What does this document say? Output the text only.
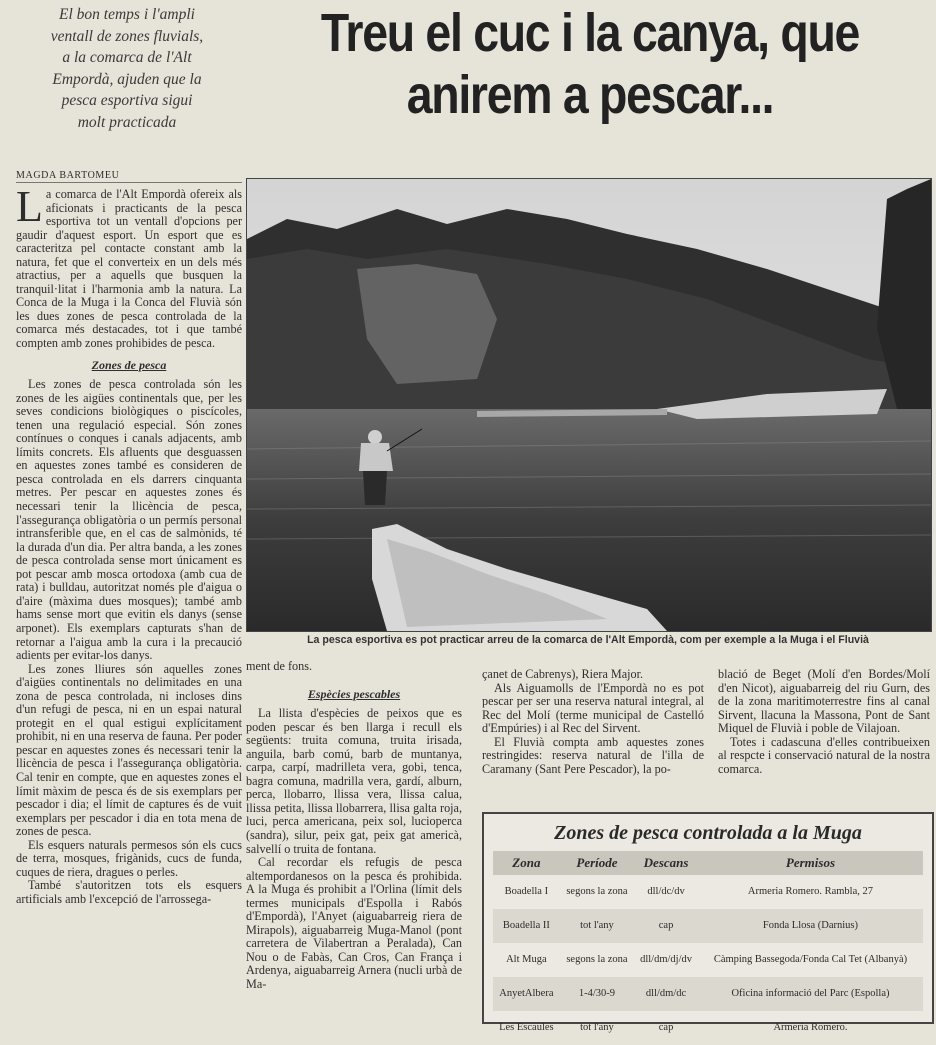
El bon temps i l'ampli
ventall de zones fluvials,
a la comarca de l'Alt
Empordà, ajuden que la
pesca esportiva sigui
molt practicada
Treu el cuc i la canya, que
anirem a pescar...
MAGDA BARTOMEU

La comarca de l'Alt Empordà ofereix als aficionats i practicants de la pesca esportiva tot un ventall d'opcions per gaudir d'aquest esport. Un esport que es caracteritza pel contacte constant amb la natura, fet que el converteix en un dels més atractius, per a aquells que busquen la tranquil·litat i l'harmonia amb la natura. La Conca de la Muga i la Conca del Fluvià són les dues zones de pesca controlada de la comarca més destacades, tot i que també compten amb zones prohibides de pesca.

Zones de pesca

Les zones de pesca controlada són les zones de les aigües continentals que, per les seves condicions biològiques o piscícoles, tenen una regulació especial. Són zones contínues o conques i canals adjacents, amb límits concrets. Els afluents que desguassen en aquestes zones també es consideren de pesca controlada en els darrers cinquanta metres. Per pescar en aquestes zones és necessari tenir la llicència de pesca, l'assegurança obligatòria o un permís personal intransferible que, en el cas de salmònids, té la durada d'un dia. Per altra banda, a les zones de pesca controlada sense mort únicament es pot pescar amb mosca ortodoxa (amb cua de rata) i bulldau, autoritzat només ple d'aigua o d'aire (màxima dues mosques); també amb hams sense mort que evitin els danys (sense arponet). Els exemplars capturats s'han de retornar a l'aigua amb la cura i la precaució adients per evitar-los danys.

Les zones lliures són aquelles zones d'aigües continentals no delimitades en una zona de pesca controlada, ni incloses dins d'un refugi de pesca, ni en un espai natural protegit en el qual estigui explícitament prohibit, ni en una reserva de fauna. Per poder pescar en aquestes zones és necessari tenir la llicència de pesca i l'assegurança obligatòria. Cal tenir en compte, que en aquestes zones el límit màxim de pesca és de sis exemplars per pescador i dia; el límit de captures és de vuit exemplars per pescador i dia en tota mena de zones de pesca.

Els esquers naturals permesos són els cucs de terra, mosques, frigànids, cucs de funda, cuques de riera, dragues o perles.

També s'autoritzen tots els esquers artificials amb l'excepció de l'arrossega-

La pesca esportiva es pot practicar arreu de la comarca de l'Alt Empordà, com per exemple a la Muga i el Fluvià

ment de fons.

Espècies pescables

La llista d'espècies de peixos que es poden pescar és ben llarga i recull els següents: truita comuna, truita irisada, anguila, barb comú, barb de muntanya, carpa, carpí, madrilleta vera, gobi, tenca, bagra comuna, madrilla vera, gardí, alburn, perca, llobarro, llissa vera, llissa calua, llissa petita, llissa llobarrera, llisa galta roja, luci, perca americana, peix sol, lucioperca (sandra), silur, peix gat, peix gat americà, salvellí o truita de fontana.

Cal recordar els refugis de pesca altempordanesos on la pesca és prohibida. A la Muga és prohibit a l'Orlina (límit dels termes municipals d'Espolla i Rabós d'Empordà), l'Anyet (aiguabarreig riera de Mirapols), aiguabarreig Muga-Manol (pont carretera de Vilabertran a Peralada), Can Nou o de Fabàs, Can Cros, Can França i Ardenya, aiguabarreig Arnera (nucli urbà de Ma-

çanet de Cabrenys), Riera Major.

Als Aiguamolls de l'Empordà no es pot pescar per ser una reserva natural integral, al Rec del Molí (terme municipal de Castelló d'Empúries) i al Rec del Sirvent.

El Fluvià compta amb aquestes zones restringides: reserva natural de l'illa de Caramany (Sant Pere Pescador), la po-

blació de Beget (Molí d'en Bordes/Molí d'en Nicot), aiguabarreig del riu Gurn, des de la zona maritimoterrestre fins al canal Sirvent, llacuna la Massona, Pont de Sant Miquel de Fluvià i poble de Vilajoan.

Totes i cadascuna d'elles contribueixen al respcte i conservació natural de la nostra comarca.

Zones de pesca controlada a la Muga
Zona	Període	Descans	Permisos
Boadella I	segons la zona	dll/dc/dv	Armeria Romero. Rambla, 27
Boadella II	tot l'any	cap	Fonda Llosa (Darnius)
Alt Muga	segons la zona	dll/dm/dj/dv	Càmping Bassegoda/Fonda Cal Tet (Albanyà)
AnyetAlbera	1-4/30-9	dll/dm/dc	Oficina informació del Parc (Espolla)
Les Escaules	tot l'any	cap	Armeria Romero.
